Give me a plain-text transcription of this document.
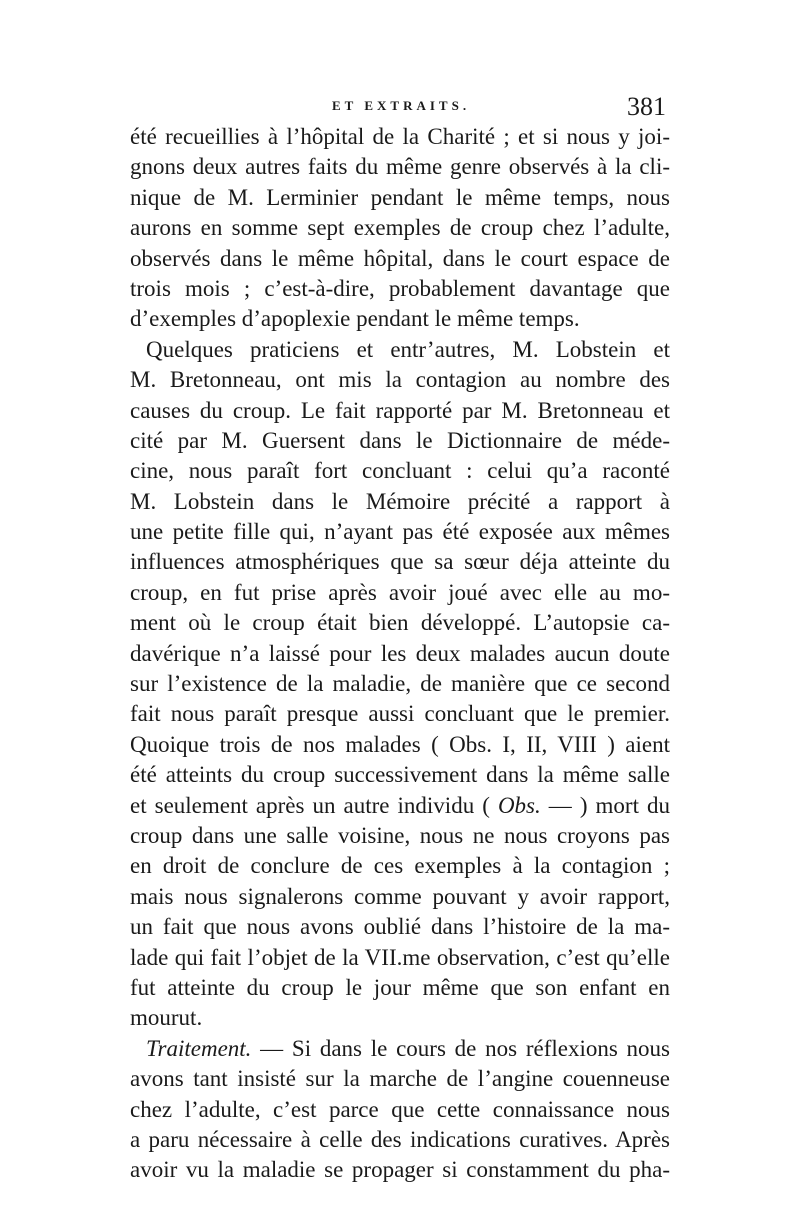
ET EXTRAITS.	381
été recueillies à l’hôpital de la Charité ; et si nous y joi-
gnons deux autres faits du même genre observés à la cli-
nique de M. Lerminier pendant le même temps, nous
aurons en somme sept exemples de croup chez l’adulte,
observés dans le même hôpital, dans le court espace de
trois mois ; c’est-à-dire, probablement davantage que
d’exemples d’apoplexie pendant le même temps.
Quelques praticiens et entr’autres, M. Lobstein et
M. Bretonneau, ont mis la contagion au nombre des
causes du croup. Le fait rapporté par M. Bretonneau et
cité par M. Guersent dans le Dictionnaire de méde-
cine, nous paraît fort concluant : celui qu’a raconté
M. Lobstein dans le Mémoire précité a rapport à
une petite fille qui, n’ayant pas été exposée aux mêmes
influences atmosphériques que sa sœur déja atteinte du
croup, en fut prise après avoir joué avec elle au mo-
ment où le croup était bien développé. L’autopsie ca-
davérique n’a laissé pour les deux malades aucun doute
sur l’existence de la maladie, de manière que ce second
fait nous paraît presque aussi concluant que le premier.
Quoique trois de nos malades ( Obs. I, II, VIII ) aient
été atteints du croup successivement dans la même salle
et seulement après un autre individu ( Obs. — ) mort du
croup dans une salle voisine, nous ne nous croyons pas
en droit de conclure de ces exemples à la contagion ;
mais nous signalerons comme pouvant y avoir rapport,
un fait que nous avons oublié dans l’histoire de la ma-
lade qui fait l’objet de la VII.me observation, c’est qu’elle
fut atteinte du croup le jour même que son enfant en
mourut.
Traitement. — Si dans le cours de nos réflexions nous
avons tant insisté sur la marche de l’angine couenneuse
chez l’adulte, c’est parce que cette connaissance nous
a paru nécessaire à celle des indications curatives. Après
avoir vu la maladie se propager si constamment du pha-
